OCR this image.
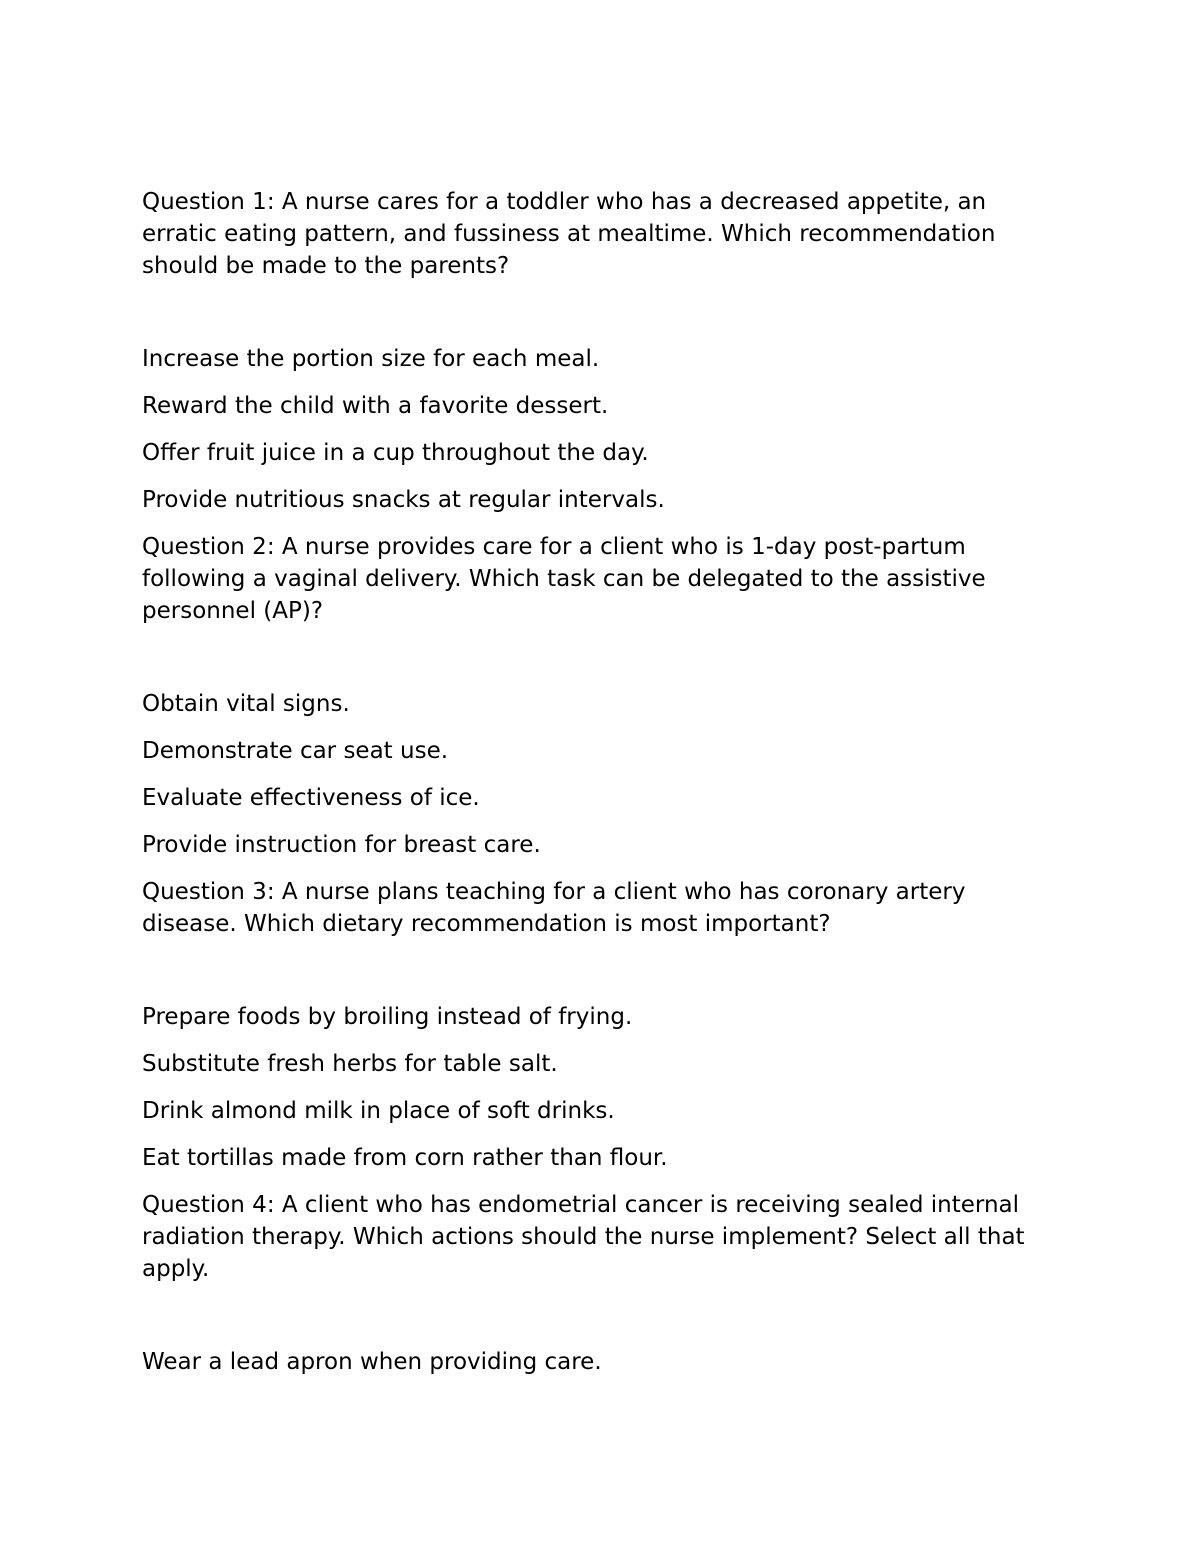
Question 1: A nurse cares for a toddler who has a decreased appetite, an erratic eating pattern, and fussiness at mealtime. Which recommendation should be made to the parents?

Increase the portion size for each meal.
Reward the child with a favorite dessert.
Offer fruit juice in a cup throughout the day.
Provide nutritious snacks at regular intervals.

Question 2: A nurse provides care for a client who is 1-day post-partum following a vaginal delivery. Which task can be delegated to the assistive personnel (AP)?

Obtain vital signs.
Demonstrate car seat use.
Evaluate effectiveness of ice.
Provide instruction for breast care.

Question 3: A nurse plans teaching for a client who has coronary artery disease. Which dietary recommendation is most important?

Prepare foods by broiling instead of frying.
Substitute fresh herbs for table salt.
Drink almond milk in place of soft drinks.
Eat tortillas made from corn rather than flour.

Question 4: A client who has endometrial cancer is receiving sealed internal radiation therapy. Which actions should the nurse implement? Select all that apply.

Wear a lead apron when providing care.
